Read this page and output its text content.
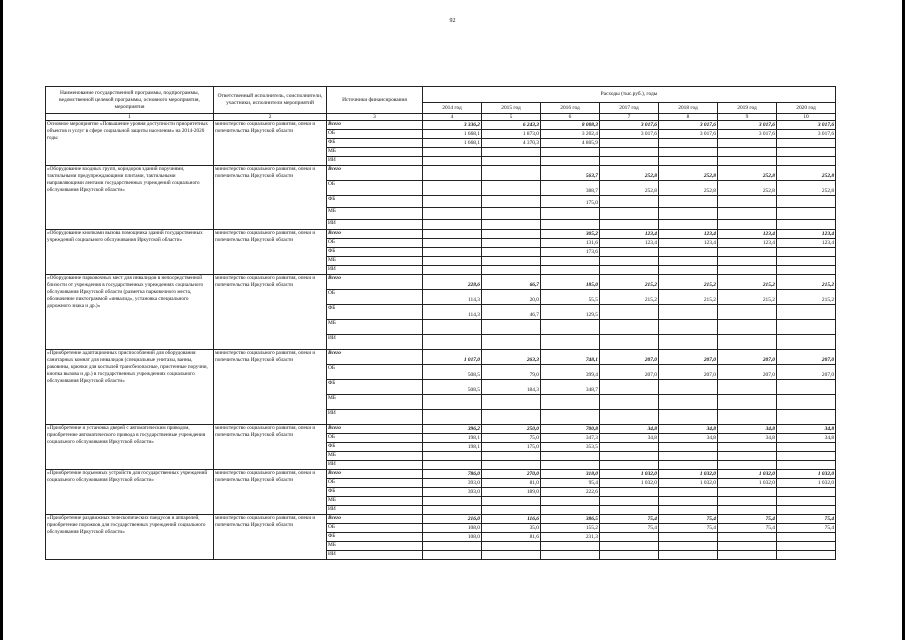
92
Наименование государственной программы, подпрограммы, ведомственной целевой программы, основного мероприятия, мероприятия	Ответственный исполнитель, соисполнители, участники, исполнители мероприятий	Источники финансирования	Расходы (тыс.руб.), годы						
			2014 год	2015 год	2016 год	2017 год	2018 год	2019 год	2020 год
1	2	3	4	5	6	7	8	9	10
Основное мероприятие «Повышение уровня доступности приоритетных объектов и услуг в сфере социальной защиты населения» на 2014-2020 годы	министерство социального развития, опеки и попечительства Иркутской области	Всего	3 336,2	6 243,3	8 008,3	3 017,6	3 017,6	3 017,6	3 017,6
		ОБ	1 668,1	1 873,0	3 202,4	3 017,6	3 017,6	3 017,6	3 017,6
		ФБ	1 668,1	4 370,3	4 805,9				
		МБ							
		ИИ							
«Оборудование входных групп, коридоров зданий поручнями, тактильными предупреждающими плитами, тактильными направляющими лентами государственных учреждений социального обслуживания Иркутской области»	министерство социального развития, опеки и попечительства Иркутской области	Всего			563,7	252,8	252,8	252,8	252,8
		ОБ			388,7	252,8	252,8	252,8	252,8
		ФБ			175,0				
		МБ							
		ИИ							
«Оборудование кнопками вызова помощника зданий государственных учреждений социального обслуживания Иркутской области»	министерство социального развития, опеки и попечительства Иркутской области	Всего			305,2	123,4	123,4	123,4	123,4
		ОБ			131,6	123,4	123,4	123,4	123,4
		ФБ			173,6				
		МБ							
		ИИ							
«Оборудование парковочных мест для инвалидов в непосредственной близости от учреждения в государственных учреждениях социального обслуживания Иркутской области (разметка парковочного места, обозначение пиктограммой «инвалид», установка специального дорожного знака и др.)»	министерство социального развития, опеки и попечительства Иркутской области	Всего	228,6	66,7	185,0	215,2	215,2	215,2	215,2
		ОБ	114,3	20,0	55,5	215,2	215,2	215,2	215,2
		ФБ	114,3	46,7	129,5				
		МБ							
		ИИ							
«Приобретение адаптационных приспособлений для оборудования санитарных комнат для инвалидов (специальные унитазы, ванны, раковины, крючки для костылей трансбезопасные, пристенные поручни, кнопка вызова и др.) в государственных учреждениях социального обслуживания Иркутской области»	министерство социального развития, опеки и попечительства Иркутской области	Всего	1 017,0	263,3	748,1	207,0	207,0	207,0	207,0
		ОБ	508,5	79,0	399,4	207,0	207,0	207,0	207,0
		ФБ	508,5	184,3	348,7				
		МБ							
		ИИ							
«Приобретение и установка дверей с автоматическим приводом, приобретение автоматического привода в государственные учреждения социального обслуживания Иркутской области»	министерство социального развития, опеки и попечительства Иркутской области	Всего	396,2	250,0	700,8	34,8	34,8	34,8	34,8
		ОБ	198,1	75,0	347,3	34,8	34,8	34,8	34,8
		ФБ	198,1	175,0	353,5				
		МБ							
		ИИ							
«Приобретение подъемных устройств для государственных учреждений социального обслуживания Иркутской области»	министерство социального развития, опеки и попечительства Иркутской области	Всего	786,0	270,0	318,0	1 032,0	1 032,0	1 032,0	1 032,0
		ОБ	393,0	81,0	95,4	1 032,0	1 032,0	1 032,0	1 032,0
		ФБ	393,0	189,0	222,6				
		МБ							
		ИИ							
«Приобретение раздвижных телескопических пандусов и аппарелей, приобретение порожков для государственных учреждений социального обслуживания Иркутской области»	министерство социального развития, опеки и попечительства Иркутской области	Всего	216,0	116,6	386,5	75,4	75,4	75,4	75,4
		ОБ	108,0	35,0	155,2	75,4	75,4	75,4	75,4
		ФБ	108,0	81,6	231,3				
		МБ							
		ИИ							
